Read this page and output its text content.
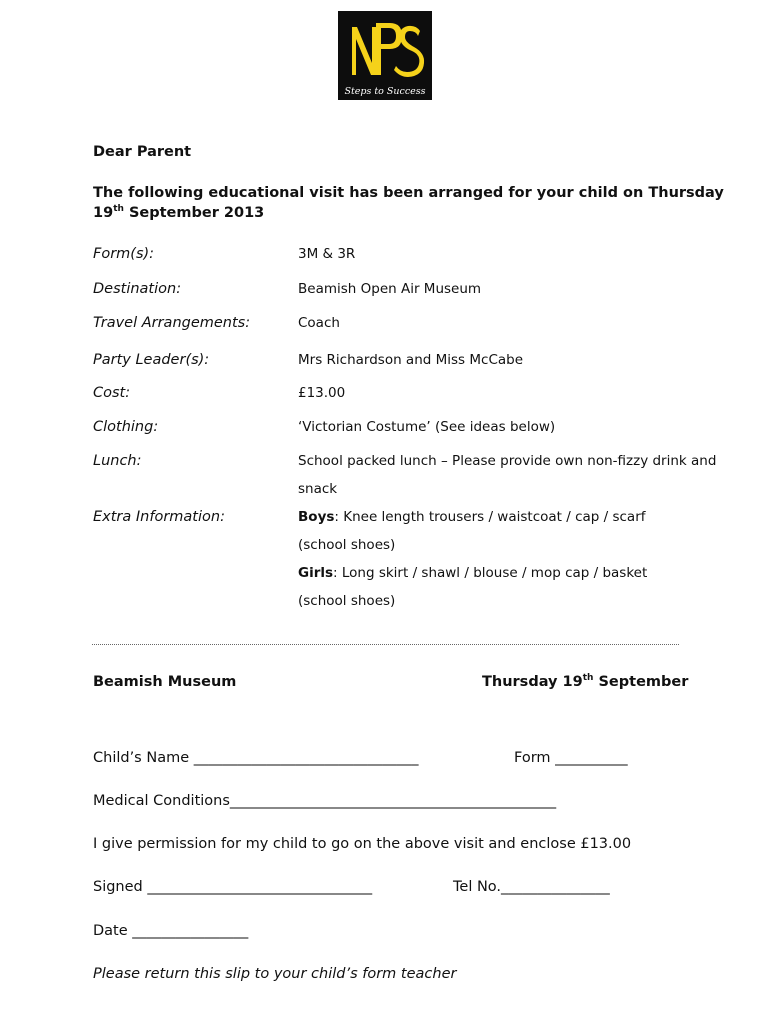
Steps to Success
Dear Parent
The following educational visit has been arranged for your child on Thursday
19th September 2013
Form(s):	3M & 3R
Destination:	Beamish Open Air Museum
Travel Arrangements:	Coach
Party Leader(s):	Mrs Richardson and Miss McCabe
Cost:	£13.00
Clothing:	‘Victorian Costume’ (See ideas below)
Lunch:	School packed lunch – Please provide own non-fizzy drink and
snack
Extra Information:	Boys: Knee length trousers / waistcoat / cap / scarf
(school shoes)
Girls: Long skirt / shawl / blouse / mop cap / basket
(school shoes)
Beamish Museum	Thursday 19th September
Child’s Name _______________________________	Form __________
Medical Conditions_____________________________________________
I give permission for my child to go on the above visit and enclose £13.00
Signed _______________________________	Tel No._______________
Date ________________
Please return this slip to your child’s form teacher
